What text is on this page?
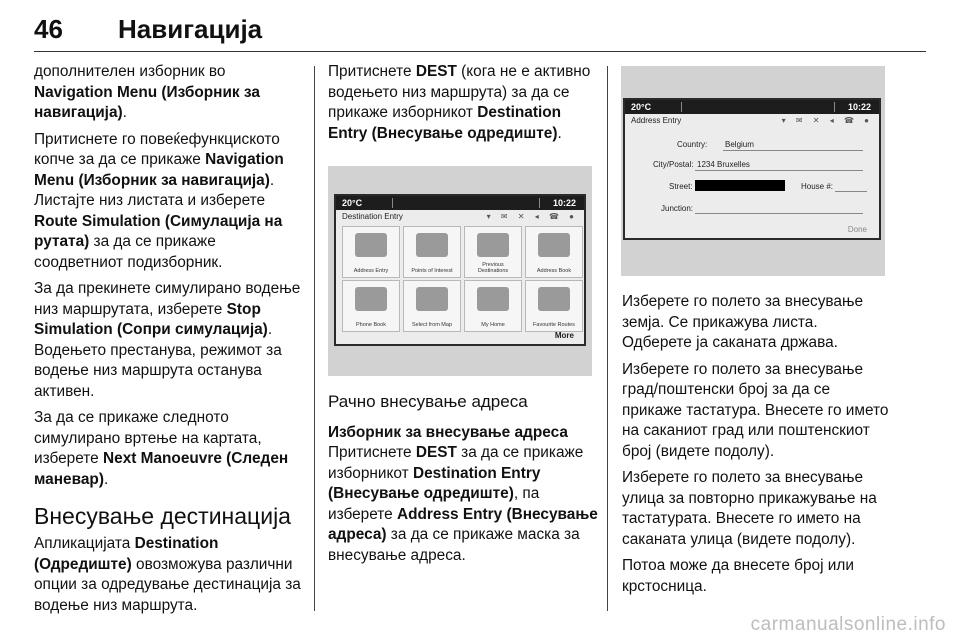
46 Навигација

дополнителен изборник во
Navigation Menu (Изборник за навигација).

Притиснете го повеќефункциското копче за да се прикаже Navigation Menu (Изборник за навигација). Листајте низ листата и изберете Route Simulation (Симулација на рутата) за да се прикаже соодветниот подизборник.

За да прекинете симулирано водење низ маршрутата, изберете Stop Simulation (Сопри симулација). Водењето престанува, режимот за водење низ маршрута останува активен.

За да се прикаже следното симулирано вртење на картата, изберете Next Manoeuvre (Следен маневар).

Внесување дестинација

Апликацијата Destination (Одредиште) овозможува различни опции за одредување дестинација за водење низ маршрута.

Притиснете DEST (кога не е активно водењето низ маршрута) за да се прикаже изборникот Destination Entry (Внесување одредиште).

20°C	10:22
Destination Entry	▾ ✉ ✕ ◂ ☎ ●
Address Entry	Points of Interest
Previous Destinations	Address Book
Phone Book	Select from Map	My Home	Favourite Routes
More
Рачно внесување адреса
Изборник за внесување адреса

Притиснете DEST за да се прикаже изборникот Destination Entry (Внесување одредиште), па изберете Address Entry (Внесување адреса) за да се прикаже маска за внесување адреса.

20°C	10:22
Address Entry	▾ ✉ ✕ ◂ ☎ ●
Country: Belgium
City/Postal: 1234 Bruxelles
Street:	House #:
Junction:
Done

Изберете го полето за внесување земја. Се прикажува листа. Одберете ја саканата држава.

Изберете го полето за внесување град/поштенски број за да се прикаже тастатура. Внесете го името на саканиот град или поштенскиот број (видете подолу).

Изберете го полето за внесување улица за повторно прикажување на тастатурата. Внесете го името на саканата улица (видете подолу).

Потоа може да внесете број или крстосница.

carmanualsonline.info
